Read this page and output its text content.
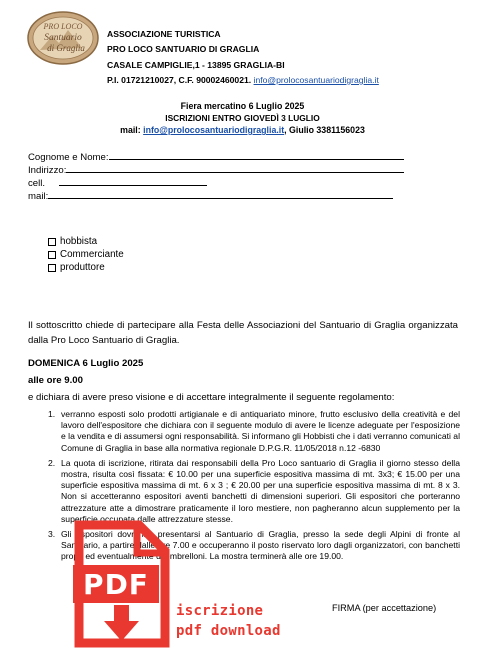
PRO LOCO
Santuario
di Graglia
ASSOCIAZIONE TURISTICA
PRO LOCO SANTUARIO DI GRAGLIA
CASALE CAMPIGLIE,1 - 13895 GRAGLIA-BI
P.I. 01721210027, C.F. 90002460021. info@prolocosantuariodigraglia.it
Fiera mercatino 6 Luglio 2025
ISCRIZIONI ENTRO GIOVEDÌ 3 LUGLIO
mail: info@prolocosantuariodigraglia.it, Giulio 3381156023
Cognome e Nome:
Indirizzo:
cell.
mail:
hobbista
Commerciante
produttore
Il sottoscritto chiede di partecipare alla Festa delle Associazioni del Santuario di Graglia organizzata dalla Pro Loco Santuario di Graglia.
DOMENICA 6 Luglio 2025
alle ore 9.00
e dichiara di avere preso visione e di accettare integralmente il seguente regolamento:
1. verranno esposti solo prodotti artigianale e di antiquariato minore, frutto esclusivo della creatività e del lavoro dell'espositore che dichiara con il seguente modulo di avere le licenze adeguate per l'esposizione e la vendita e di assumersi ogni responsabilità. Si informano gli Hobbisti che i dati verranno comunicati al Comune di Graglia in base alla normativa regionale D.P.G.R. 11/05/2018 n.12 -6830
2. La quota di iscrizione, ritirata dai responsabili della Pro Loco santuario di Graglia il giorno stesso della mostra, risulta così fissata: € 10.00 per una superficie espositiva massima di mt. 3x3; € 15.00 per una superficie espositiva massima di mt. 6 x 3 ; € 20.00 per una superficie espositiva massima di mt. 8 x 3. Non si accetteranno espositori aventi banchetti di dimensioni superiori. Gli espositori che porteranno attrezzature atte a dimostrare praticamente il loro mestiere, non pagheranno alcun supplemento per la superficie occupata dalle attrezzature stesse.
3. Gli espositori dovranno presentarsi al Santuario di Graglia, presso la sede degli Alpini di fronte al Santuario, a partire dalle ore 7.00 e occuperanno il posto riservato loro dagli organizzatori, con banchetti propri ed eventualmente di ombrelloni. La mostra terminerà alle ore 19.00.
FIRMA (per accettazione)
PDF
iscrizione
pdf download
